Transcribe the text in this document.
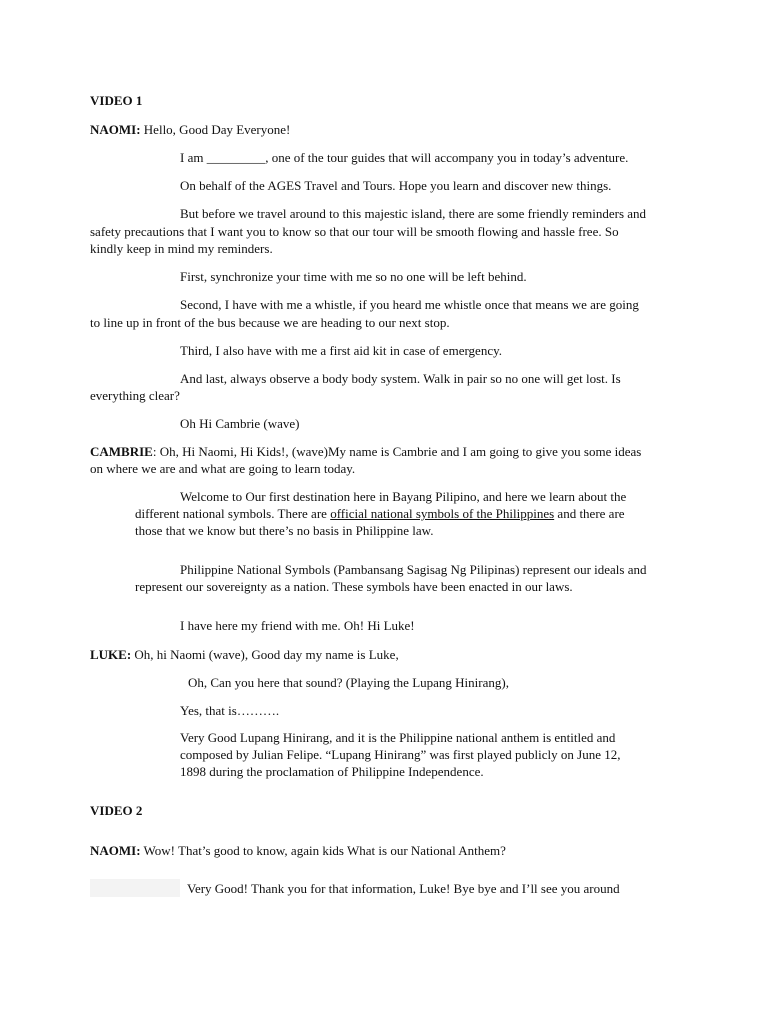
VIDEO 1

NAOMI: Hello, Good Day Everyone!

I am _________, one of the tour guides that will accompany you in today’s adventure.

On behalf of the AGES Travel and Tours. Hope you learn and discover new things.

But before we travel around to this majestic island, there are some friendly reminders and

safety precautions that I want you to know so that our tour will be smooth flowing and hassle free. So

kindly keep in mind my reminders.

First, synchronize your time with me so no one will be left behind.

Second, I have with me a whistle, if you heard me whistle once that means we are going

to line up in front of the bus because we are heading to our next stop.

Third, I also have with me a first aid kit in case of emergency.

And last, always observe a body body system. Walk in pair so no one will get lost. Is

everything clear?

Oh Hi Cambrie (wave)

CAMBRIE: Oh, Hi Naomi, Hi Kids!, (wave)My name is Cambrie and I am going to give you some ideas

on where we are and what are going to learn today.

Welcome to Our first destination here in Bayang Pilipino, and here we learn about the

different national symbols. There are official national symbols of the Philippines and there are

those that we know but there’s no basis in Philippine law.

Philippine National Symbols (Pambansang Sagisag Ng Pilipinas) represent our ideals and

represent our sovereignty as a nation. These symbols have been enacted in our laws.

I have here my friend with me. Oh! Hi Luke!

LUKE: Oh, hi Naomi (wave), Good day my name is Luke,

Oh, Can you here that sound? (Playing the Lupang Hinirang),

Yes, that is……….

Very Good Lupang Hinirang, and it is the Philippine national anthem is entitled and

composed by Julian Felipe. “Lupang Hinirang” was first played publicly on June 12,

1898 during the proclamation of Philippine Independence.

VIDEO 2

NAOMI: Wow! That’s good to know, again kids What is our National Anthem?

Very Good! Thank you for that information, Luke! Bye bye and I’ll see you around
